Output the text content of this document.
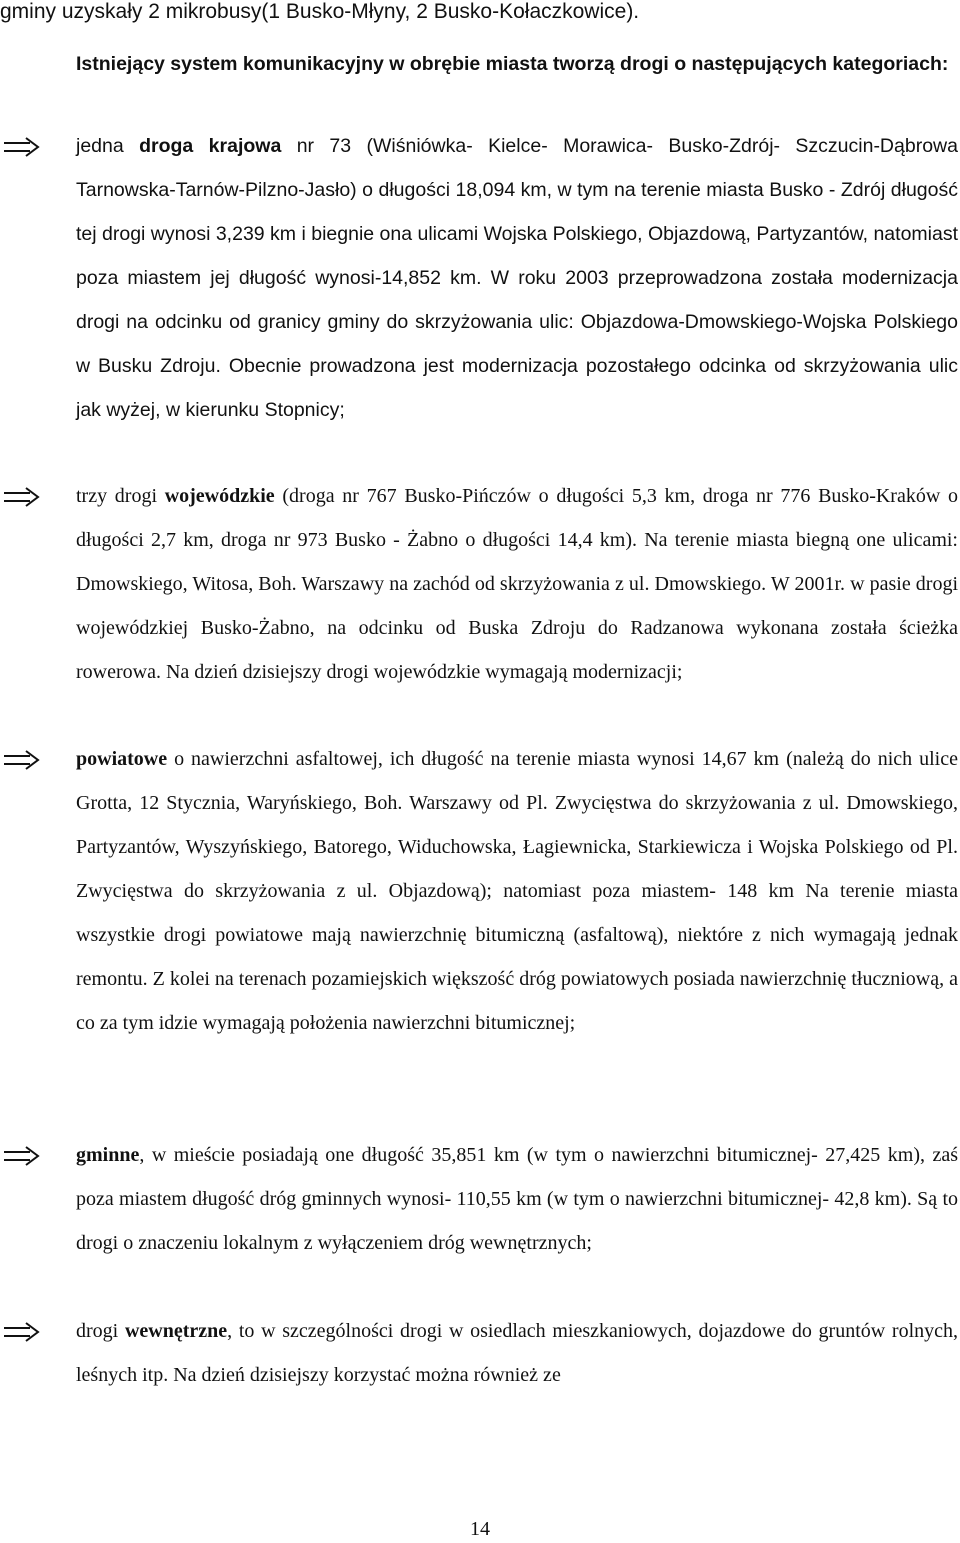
gminy uzyskały 2 mikrobusy(1 Busko-Młyny, 2 Busko-Kołaczkowice).

Istniejący system komunikacyjny w obrębie miasta tworzą drogi o następujących kategoriach:

jedna droga krajowa nr 73 (Wiśniówka- Kielce- Morawica- Busko-Zdrój- Szczucin-Dąbrowa Tarnowska-Tarnów-Pilzno-Jasło) o długości 18,094 km, w tym na terenie miasta Busko - Zdrój długość tej drogi wynosi 3,239 km i biegnie ona ulicami Wojska Polskiego, Objazdową, Partyzantów, natomiast poza miastem jej długość wynosi-14,852 km. W roku 2003 przeprowadzona została modernizacja drogi na odcinku od granicy gminy do skrzyżowania ulic: Objazdowa-Dmowskiego-Wojska Polskiego w Busku Zdroju. Obecnie prowadzona jest modernizacja pozostałego odcinka od skrzyżowania ulic jak wyżej, w kierunku Stopnicy;

trzy drogi wojewódzkie (droga nr 767 Busko-Pińczów o długości 5,3 km, droga nr 776 Busko-Kraków o długości 2,7 km, droga nr 973 Busko - Żabno o długości 14,4 km). Na terenie miasta biegną one ulicami: Dmowskiego, Witosa, Boh. Warszawy na zachód od skrzyżowania z ul. Dmowskiego. W 2001r. w pasie drogi wojewódzkiej Busko-Żabno, na odcinku od Buska Zdroju do Radzanowa wykonana została ścieżka rowerowa. Na dzień dzisiejszy drogi wojewódzkie wymagają modernizacji;

powiatowe o nawierzchni asfaltowej, ich długość na terenie miasta wynosi 14,67 km (należą do nich ulice Grotta, 12 Stycznia, Waryńskiego, Boh. Warszawy od Pl. Zwycięstwa do skrzyżowania z ul. Dmowskiego, Partyzantów, Wyszyńskiego, Batorego, Widuchowska, Łagiewnicka, Starkiewicza i Wojska Polskiego od Pl. Zwycięstwa do skrzyżowania z ul. Objazdową); natomiast poza miastem- 148 km Na terenie miasta wszystkie drogi powiatowe mają nawierzchnię bitumiczną (asfaltową), niektóre z nich wymagają jednak remontu. Z kolei na terenach pozamiejskich większość dróg powiatowych posiada nawierzchnię tłuczniową, a co za tym idzie wymagają położenia nawierzchni bitumicznej;

gminne, w mieście posiadają one długość 35,851 km (w tym o nawierzchni bitumicznej- 27,425 km), zaś poza miastem długość dróg gminnych wynosi- 110,55 km (w tym o nawierzchni bitumicznej- 42,8 km). Są to drogi o znaczeniu lokalnym z wyłączeniem dróg wewnętrznych;

drogi wewnętrzne, to w szczególności drogi w osiedlach mieszkaniowych, dojazdowe do gruntów rolnych, leśnych itp. Na dzień dzisiejszy korzystać można również ze

14
